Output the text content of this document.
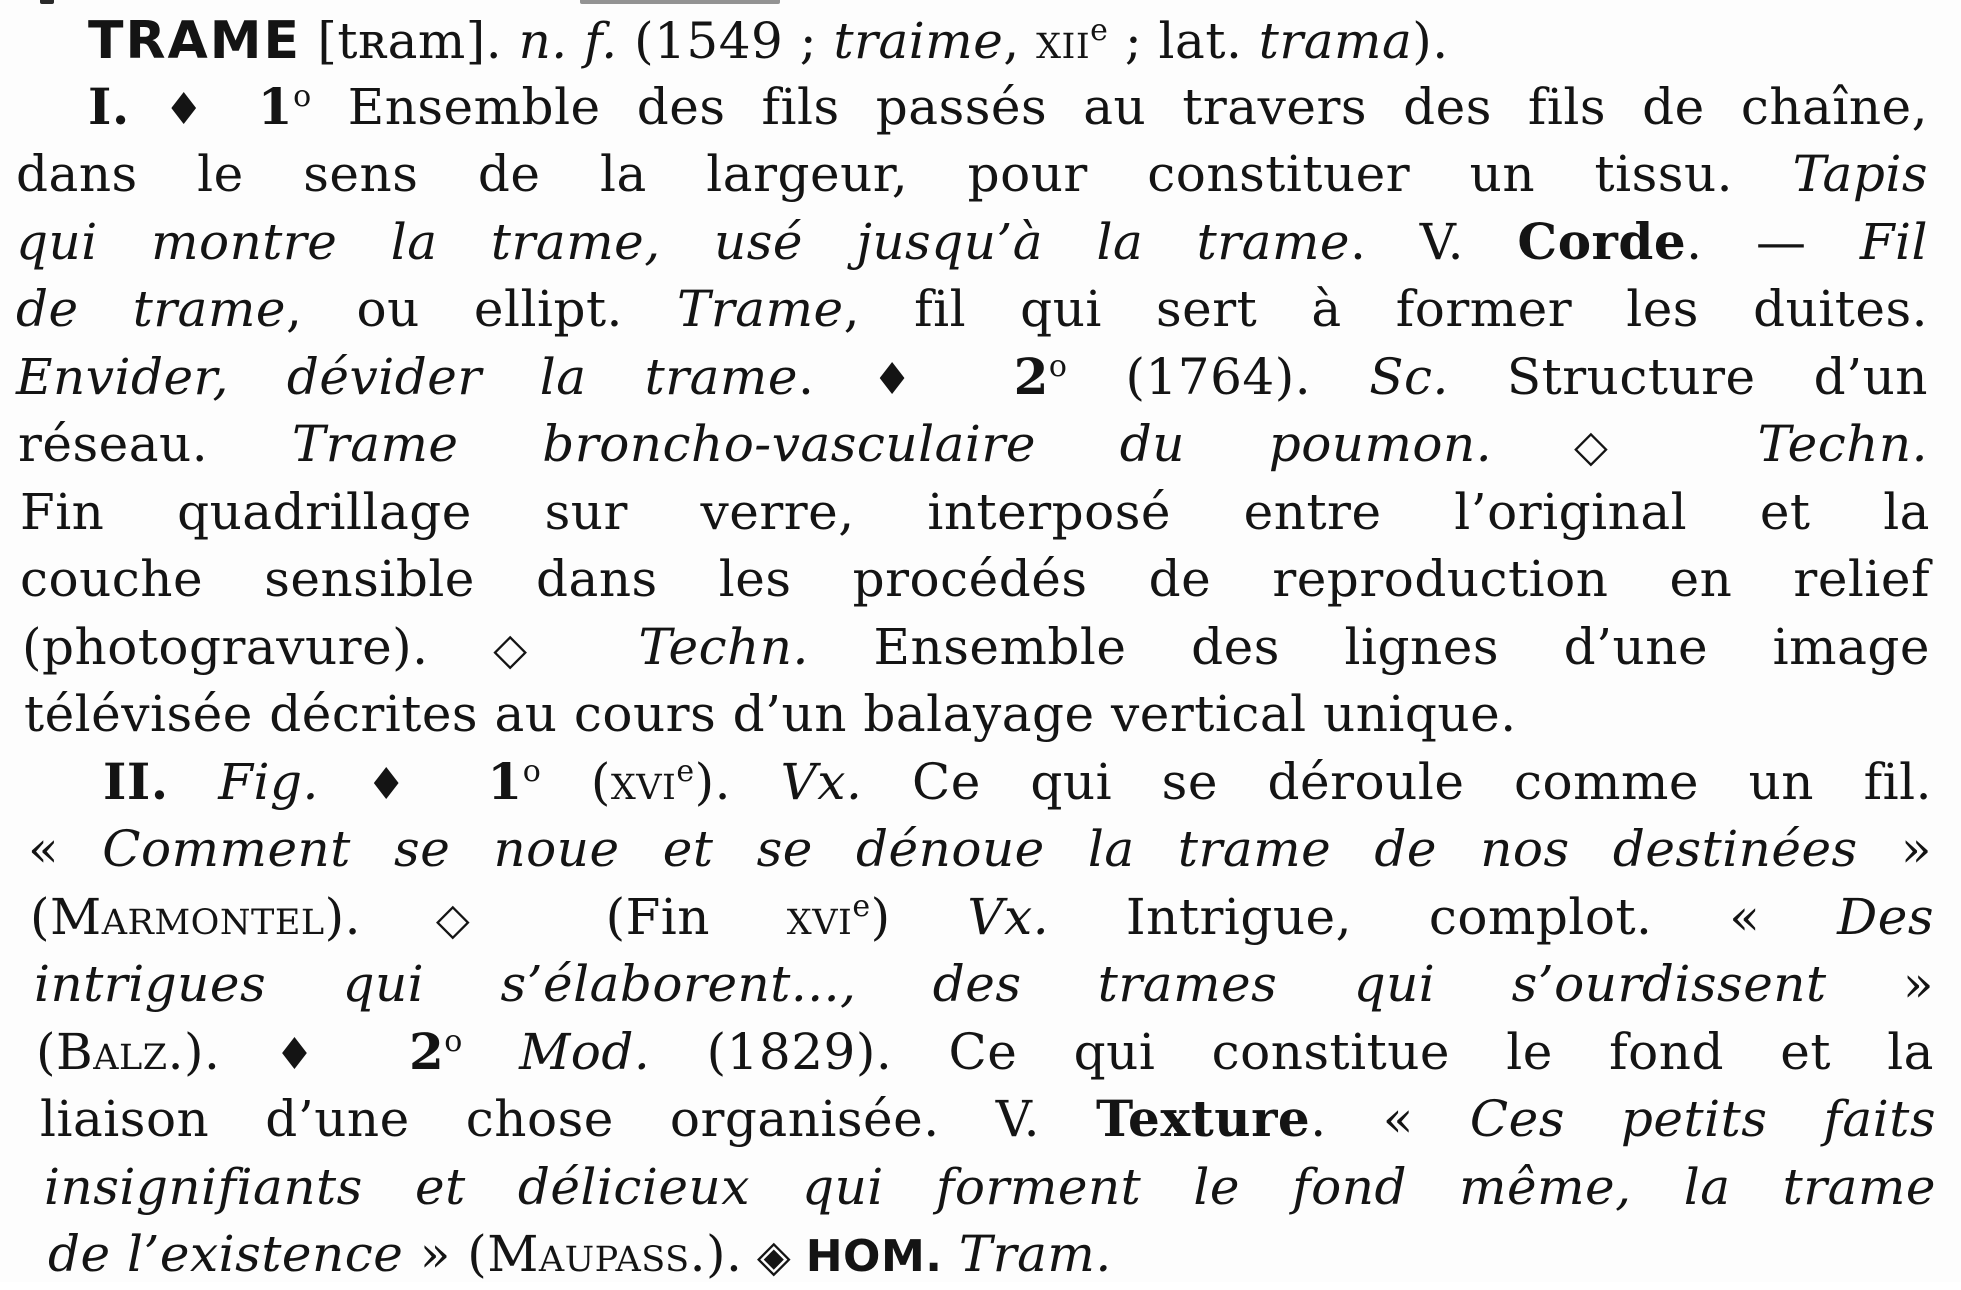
TRAME [tʀam]. n. f. (1549 ; traime, xii$^e$ ; lat. trama).
I. ♦ 1$^o$ Ensemble des fils passés au travers des fils de chaîne,
dans le sens de la largeur, pour constituer un tissu. Tapis
qui montre la trame, usé jusqu’à la trame. V. Corde. — Fil
de trame, ou ellipt. Trame, fil qui sert à former les duites.
Envider, dévider la trame. ♦ 2$^o$ (1764). Sc. Structure d’un
réseau. Trame broncho-vasculaire du poumon. ◇ Techn.
Fin quadrillage sur verre, interposé entre l’original et la
couche sensible dans les procédés de reproduction en relief
(photogravure). ◇ Techn. Ensemble des lignes d’une image
télévisée décrites au cours d’un balayage vertical unique.
II. Fig. ♦ 1$^o$ (xvi$^e$). Vx. Ce qui se déroule comme un fil.
« Comment se noue et se dénoue la trame de nos destinées »
(Marmontel). ◇ (Fin xvi$^e$) Vx. Intrigue, complot. « Des
intrigues qui s’élaborent..., des trames qui s’ourdissent »
(Balz.). ♦ 2$^o$ Mod. (1829). Ce qui constitue le fond et la
liaison d’une chose organisée. V. Texture. « Ces petits faits
insignifiants et délicieux qui forment le fond même, la trame
de l’existence » (Maupass.). ◈ HOM. Tram.
